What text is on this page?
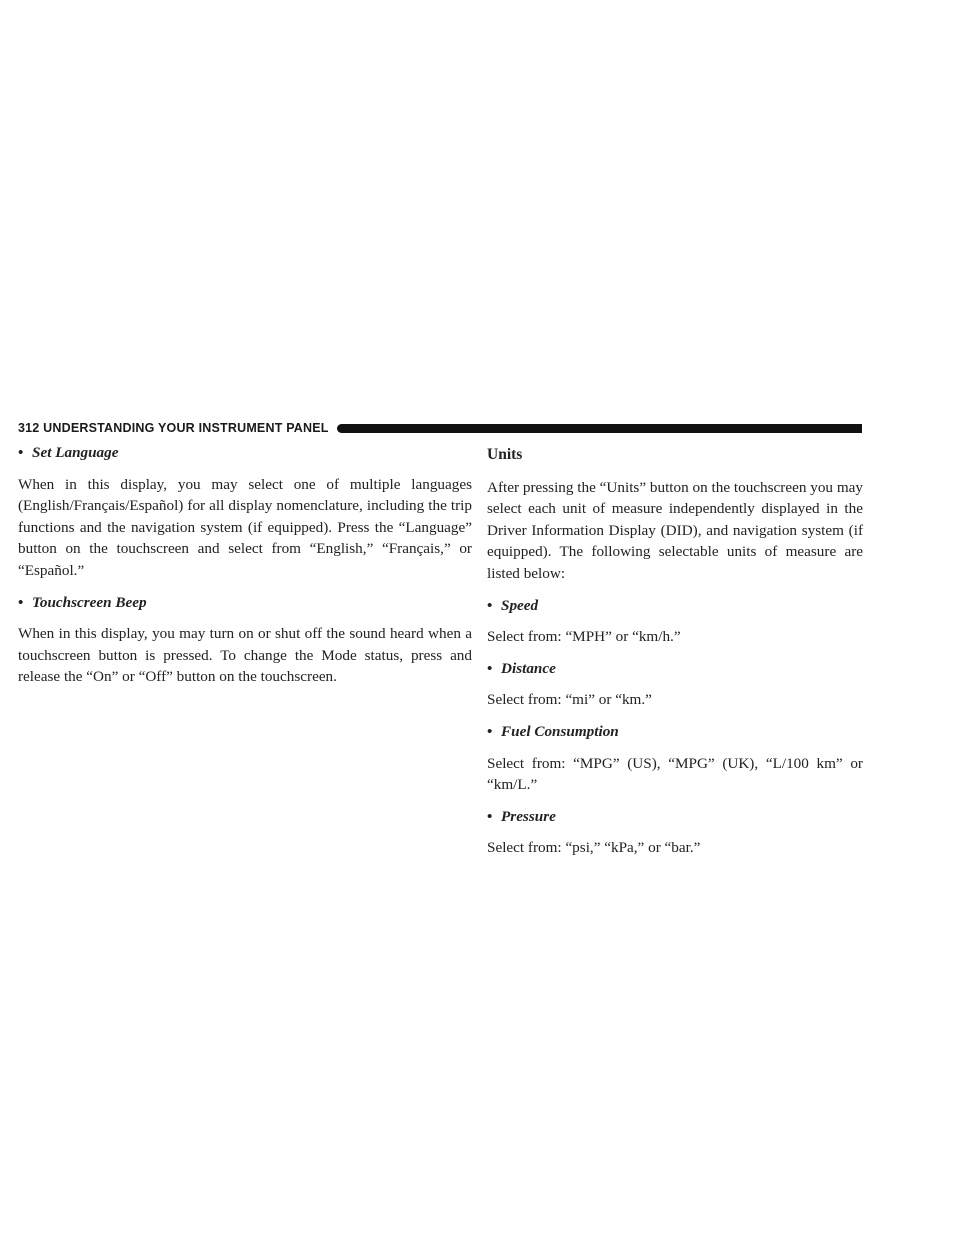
312 UNDERSTANDING YOUR INSTRUMENT PANEL

• Set Language

When in this display, you may select one of multiple languages (English/Français/Español) for all display nomenclature, including the trip functions and the navigation system (if equipped). Press the “Language” button on the touchscreen and select from “English,” “Français,” or “Español.”

• Touchscreen Beep

When in this display, you may turn on or shut off the sound heard when a touchscreen button is pressed. To change the Mode status, press and release the “On” or “Off” button on the touchscreen.

Units

After pressing the “Units” button on the touchscreen you may select each unit of measure independently displayed in the Driver Information Display (DID), and navigation system (if equipped). The following selectable units of measure are listed below:

• Speed

Select from: “MPH” or “km/h.”

• Distance

Select from: “mi” or “km.”

• Fuel Consumption

Select from: “MPG” (US), “MPG” (UK), “L/100 km” or “km/L.”

• Pressure

Select from: “psi,” “kPa,” or “bar.”
